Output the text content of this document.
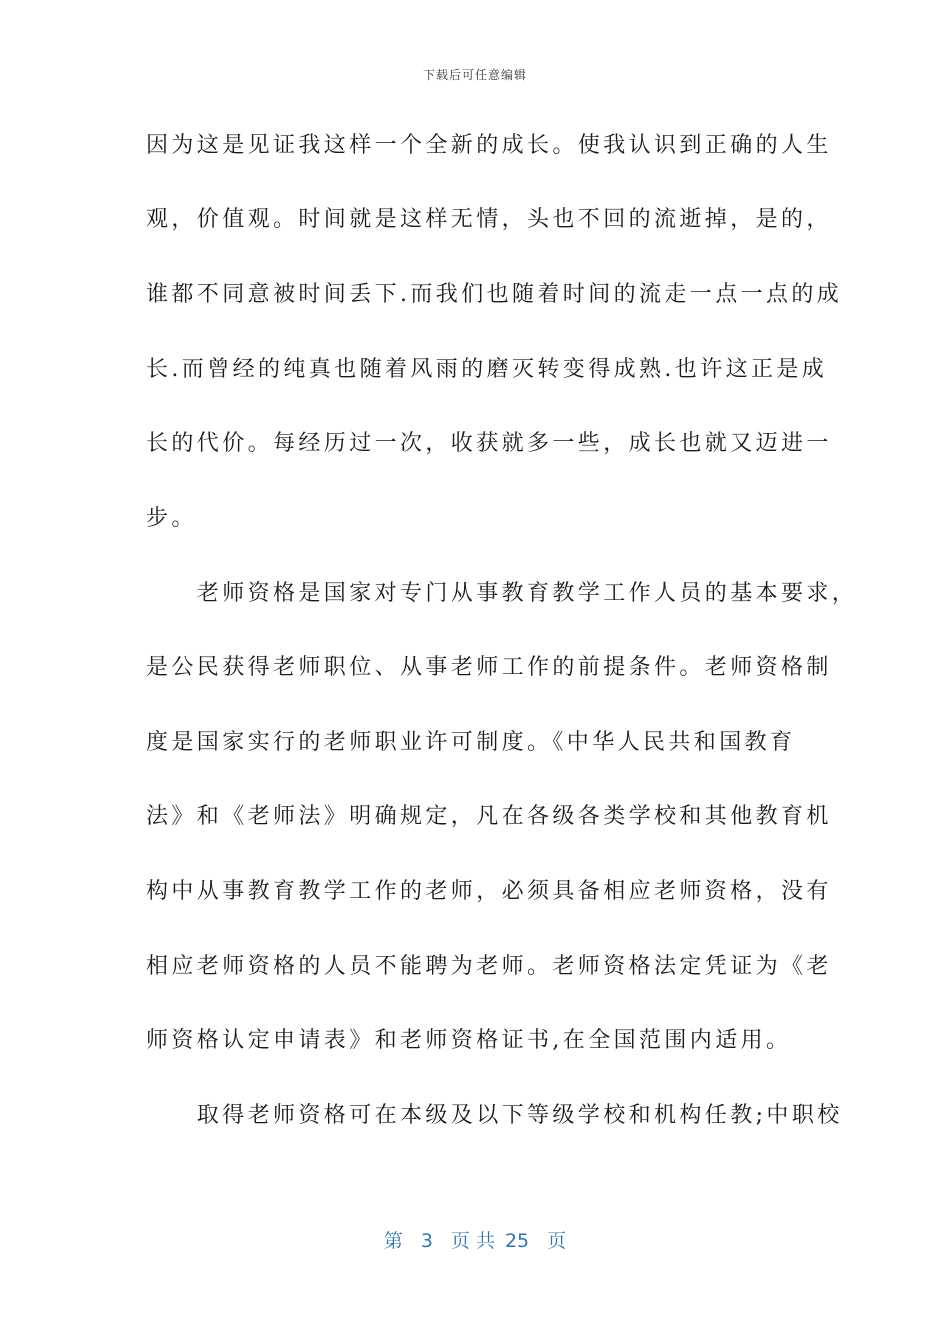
下载后可任意编辑
因为这是见证我这样一个全新的成长。使我认识到正确的人生
观，价值观。时间就是这样无情，头也不回的流逝掉，是的，
谁都不同意被时间丢下.而我们也随着时间的流走一点一点的成
长.而曾经的纯真也随着风雨的磨灭转变得成熟.也许这正是成
长的代价。每经历过一次，收获就多一些，成长也就又迈进一
步。
　　老师资格是国家对专门从事教育教学工作人员的基本要求，
是公民获得老师职位、从事老师工作的前提条件。老师资格制
度是国家实行的老师职业许可制度。《中华人民共和国教育
法》和《老师法》明确规定，凡在各级各类学校和其他教育机
构中从事教育教学工作的老师，必须具备相应老师资格，没有
相应老师资格的人员不能聘为老师。老师资格法定凭证为《老
师资格认定申请表》和老师资格证书,在全国范围内适用。
　　取得老师资格可在本级及以下等级学校和机构任教;中职校
第 3 页 共 25 页
